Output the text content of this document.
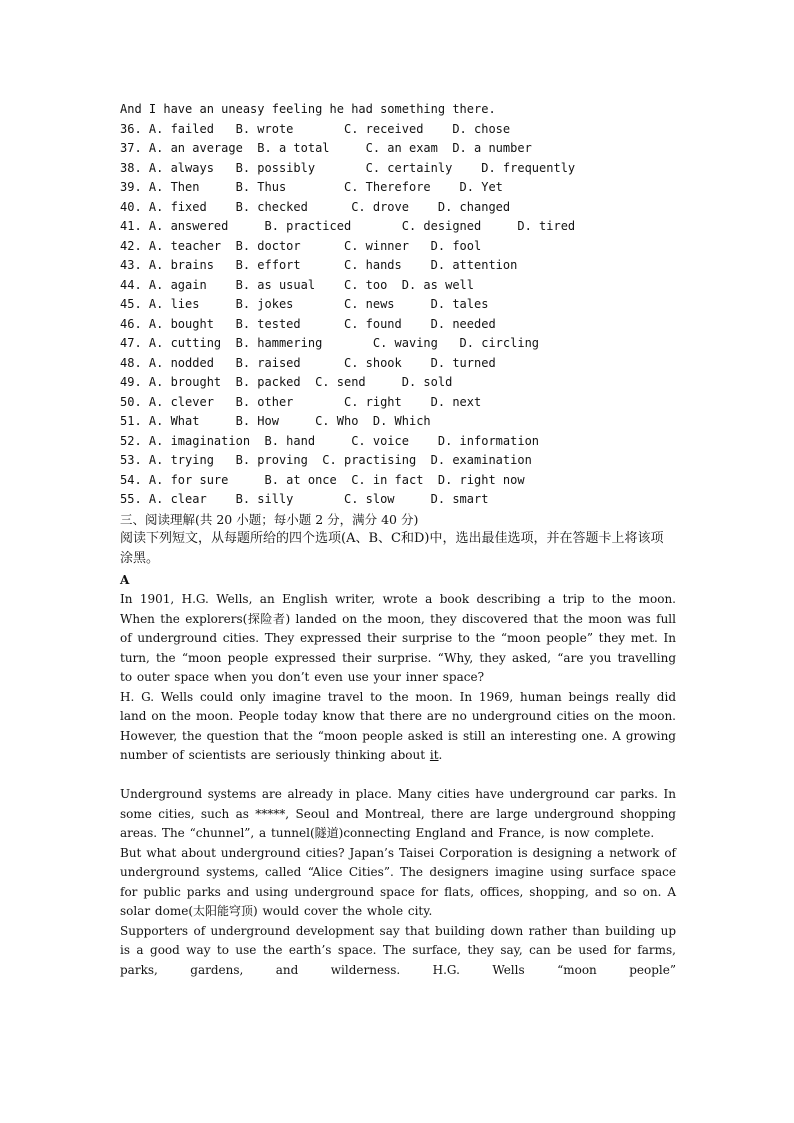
And I have an uneasy feeling he had something there.
36. A. failed   B. wrote       C. received    D. chose
37. A. an average  B. a total     C. an exam  D. a number
38. A. always   B. possibly       C. certainly    D. frequently
39. A. Then     B. Thus        C. Therefore    D. Yet
40. A. fixed    B. checked      C. drove    D. changed
41. A. answered     B. practiced       C. designed     D. tired
42. A. teacher  B. doctor      C. winner   D. fool
43. A. brains   B. effort      C. hands    D. attention
44. A. again    B. as usual    C. too  D. as well
45. A. lies     B. jokes       C. news     D. tales
46. A. bought   B. tested      C. found    D. needed
47. A. cutting  B. hammering       C. waving   D. circling
48. A. nodded   B. raised      C. shook    D. turned
49. A. brought  B. packed  C. send     D. sold
50. A. clever   B. other       C. right    D. next
51. A. What     B. How     C. Who  D. Which
52. A. imagination  B. hand     C. voice    D. information
53. A. trying   B. proving  C. practising  D. examination
54. A. for sure     B. at once  C. in fact  D. right now
55. A. clear    B. silly       C. slow     D. smart
三、阅读理解(共 20 小题；每小题 2 分，满分 40 分)
阅读下列短文，从每题所给的四个选项(A、B、C和D)中，选出最佳选项，并在答题卡上将该项涂黑。
A
In 1901, H.G. Wells, an English writer, wrote a book describing a trip to the moon. When the explorers(探险者) landed on the moon, they discovered that the moon was full of underground cities. They expressed their surprise to the “moon people” they met. In turn, the “moon people expressed their surprise. “Why, they asked, “are you travelling to outer space when you don’t even use your inner space?
H. G. Wells could only imagine travel to the moon. In 1969, human beings really did land on the moon. People today know that there are no underground cities on the moon. However, the question that the “moon people asked is still an interesting one. A growing number of scientists are seriously thinking about it.
Underground systems are already in place. Many cities have underground car parks. In some cities, such as *****, Seoul and Montreal, there are large underground shopping areas. The “chunnel”, a tunnel(隧道)connecting England and France, is now complete.
But what about underground cities? Japan’s Taisei Corporation is designing a network of underground systems, called “Alice Cities”. The designers imagine using surface space for public parks and using underground space for flats, offices, shopping, and so on. A solar dome(太阳能穹顶) would cover the whole city.
Supporters of underground development say that building down rather than building up is a good way to use the earth’s space. The surface, they say, can be used for farms, parks, gardens, and wilderness. H.G. Wells “moon people”
